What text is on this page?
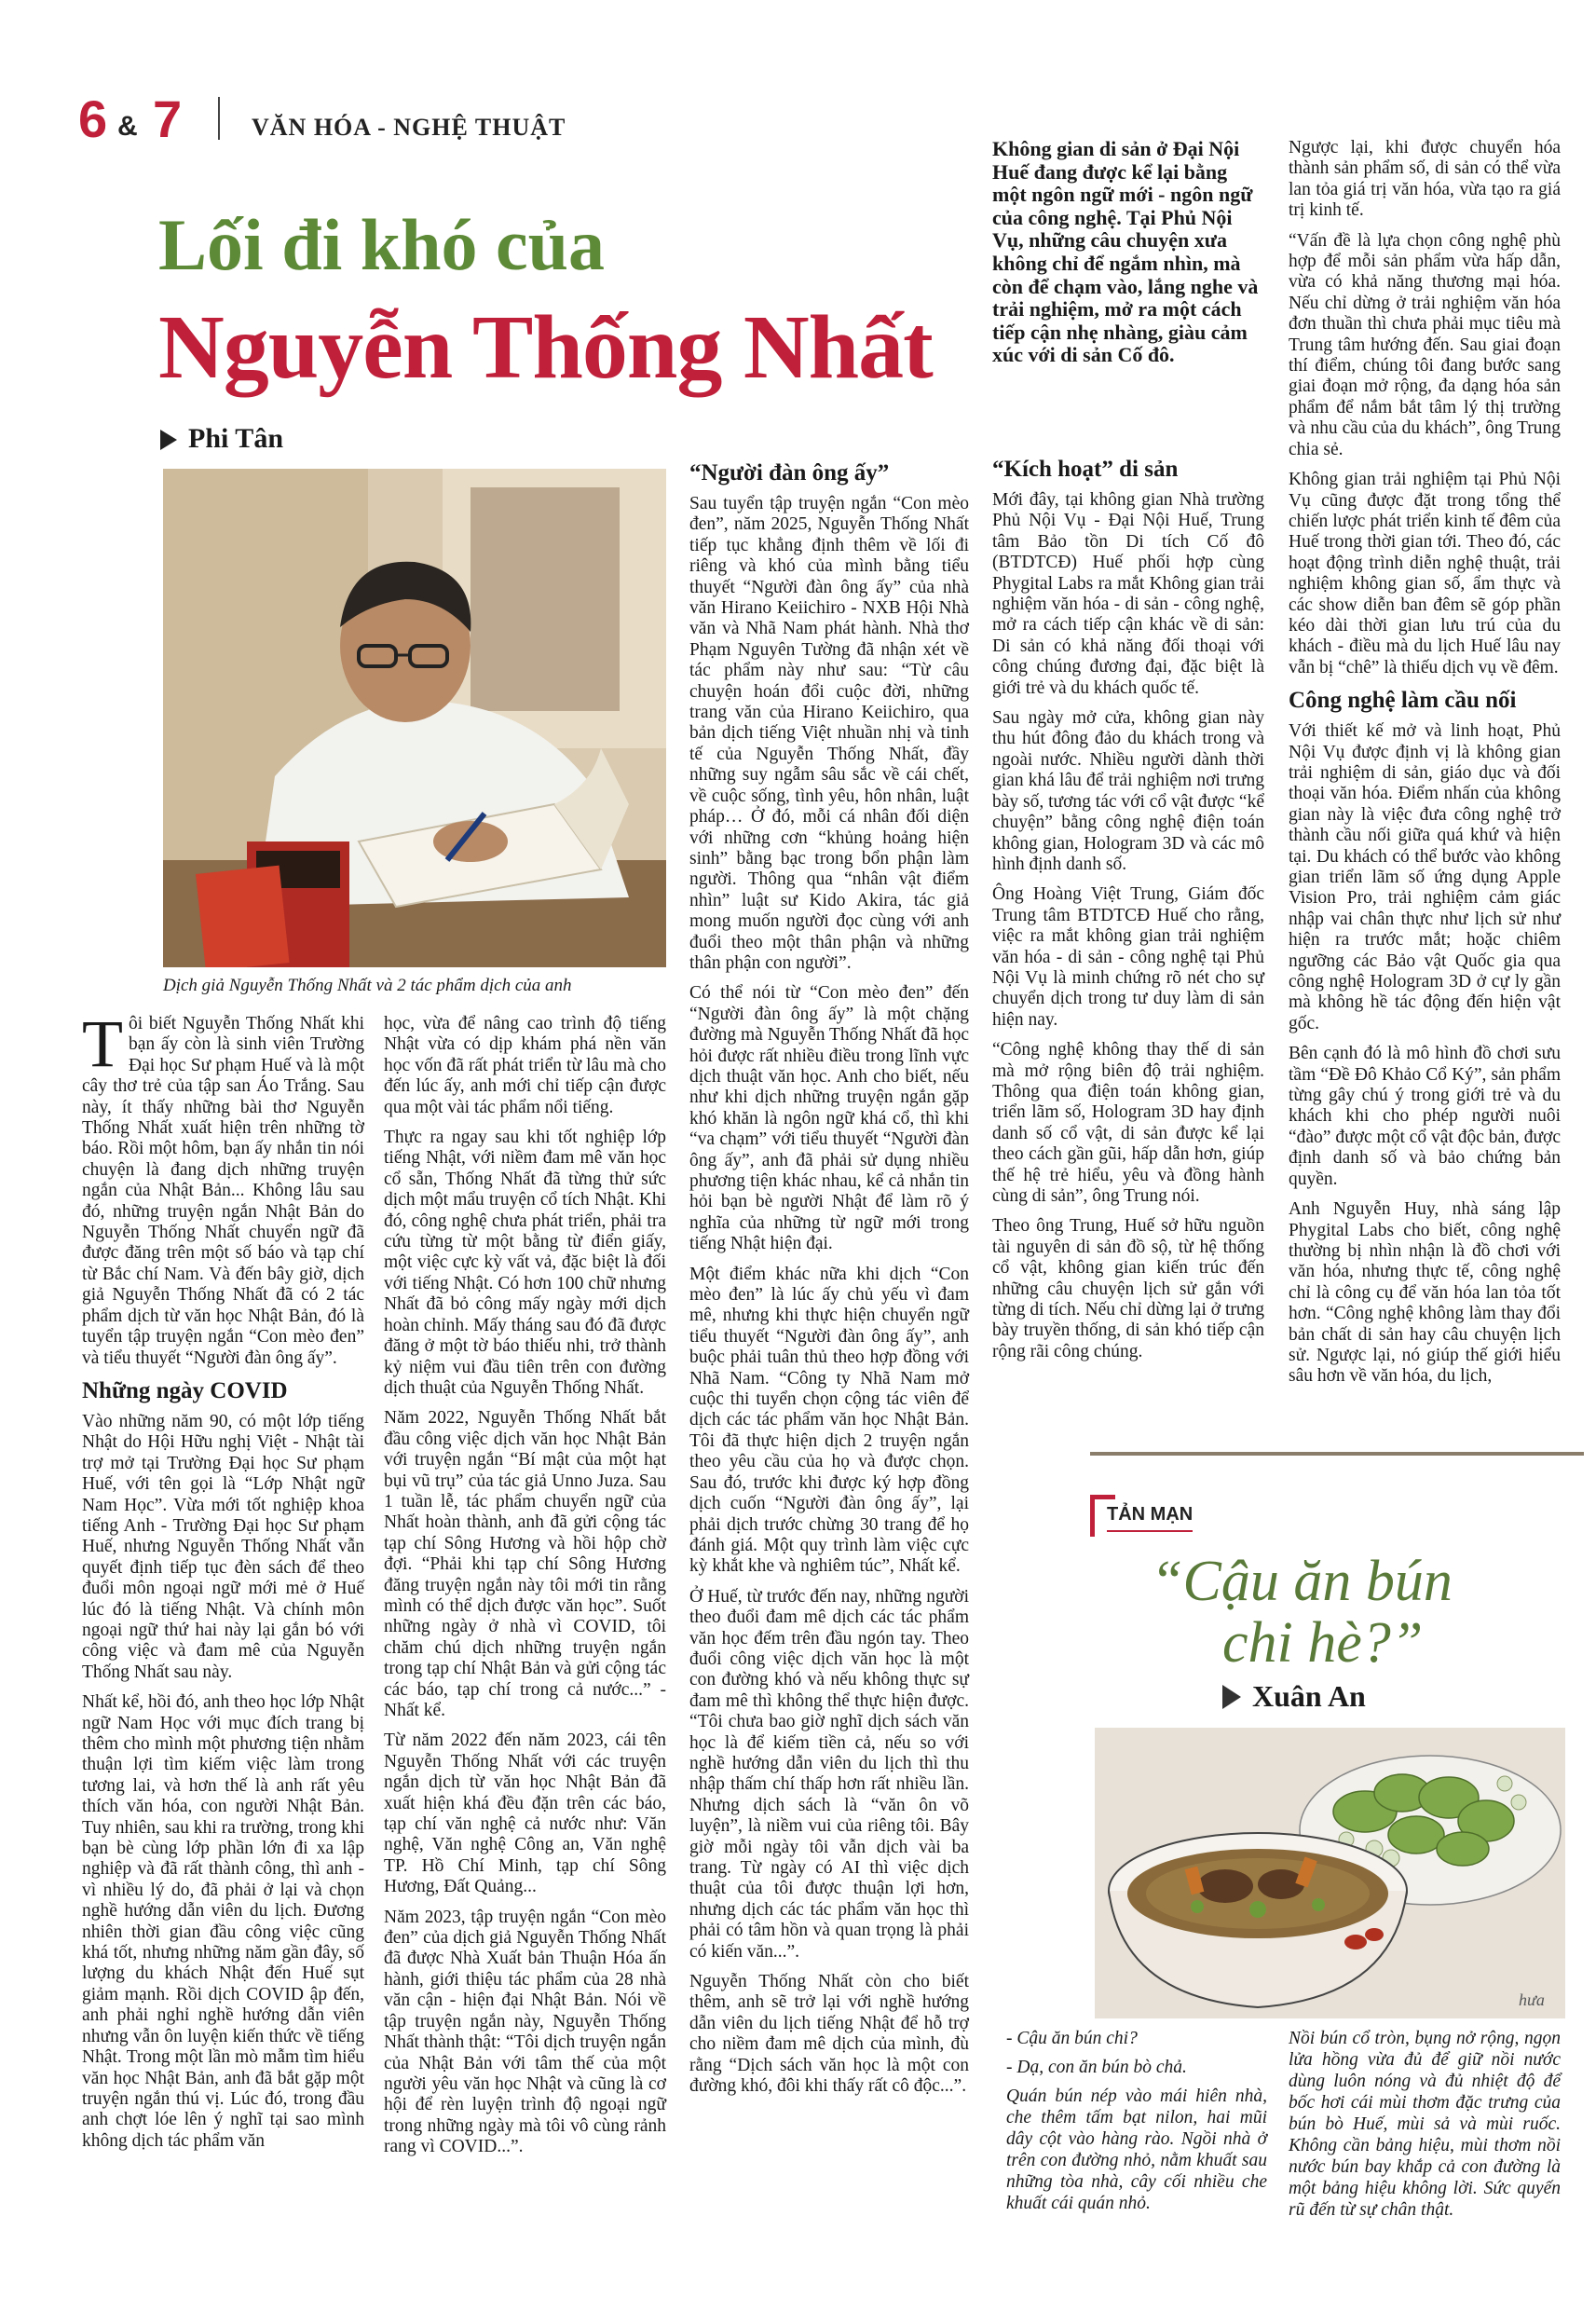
6 & 7	VĂN HÓA - NGHỆ THUẬT
Lối đi khó của
Nguyễn Thống Nhất
Phi Tân
Dịch giả Nguyễn Thống Nhất và 2 tác phẩm dịch của anh
Không gian di sản ở Đại Nội Huế đang được kể lại bằng một ngôn ngữ mới - ngôn ngữ của công nghệ. Tại Phủ Nội Vụ, những câu chuyện xưa không chỉ để ngắm nhìn, mà còn để chạm vào, lắng nghe và trải nghiệm, mở ra một cách tiếp cận nhẹ nhàng, giàu cảm xúc với di sản Cố đô.

Tôi biết Nguyễn Thống Nhất khi bạn ấy còn là sinh viên Trường Đại học Sư phạm Huế và là một cây thơ trẻ của tập san Áo Trắng. Sau này, ít thấy những bài thơ Nguyễn Thống Nhất xuất hiện trên những tờ báo. Rồi một hôm, bạn ấy nhắn tin nói chuyện là đang dịch những truyện ngắn của Nhật Bản... Không lâu sau đó, những truyện ngắn Nhật Bản do Nguyễn Thống Nhất chuyển ngữ đã được đăng trên một số báo và tạp chí từ Bắc chí Nam. Và đến bây giờ, dịch giả Nguyễn Thống Nhất đã có 2 tác phẩm dịch từ văn học Nhật Bản, đó là tuyển tập truyện ngắn “Con mèo đen” và tiểu thuyết “Người đàn ông ấy”.

Những ngày COVID

Vào những năm 90, có một lớp tiếng Nhật do Hội Hữu nghị Việt - Nhật tài trợ mở tại Trường Đại học Sư phạm Huế, với tên gọi là “Lớp Nhật ngữ Nam Học”. Vừa mới tốt nghiệp khoa tiếng Anh - Trường Đại học Sư phạm Huế, nhưng Nguyễn Thống Nhất vẫn quyết định tiếp tục đèn sách để theo đuổi môn ngoại ngữ mới mẻ ở Huế lúc đó là tiếng Nhật. Và chính môn ngoại ngữ thứ hai này lại gắn bó với công việc và đam mê của Nguyễn Thống Nhất sau này.

Nhất kể, hồi đó, anh theo học lớp Nhật ngữ Nam Học với mục đích trang bị thêm cho mình một phương tiện nhằm thuận lợi tìm kiếm việc làm trong tương lai, và hơn thế là anh rất yêu thích văn hóa, con người Nhật Bản. Tuy nhiên, sau khi ra trường, trong khi bạn bè cùng lớp phần lớn đi xa lập nghiệp và đã rất thành công, thì anh - vì nhiều lý do, đã phải ở lại và chọn nghề hướng dẫn viên du lịch. Đương nhiên thời gian đầu công việc cũng khá tốt, nhưng những năm gần đây, số lượng du khách Nhật đến Huế sụt giảm mạnh. Rồi dịch COVID ập đến, anh phải nghỉ nghề hướng dẫn viên nhưng vẫn ôn luyện kiến thức về tiếng Nhật. Trong một lần mò mẫm tìm hiểu văn học Nhật Bản, anh đã bắt gặp một truyện ngắn thú vị. Lúc đó, trong đầu anh chợt lóe lên ý nghĩ tại sao mình không dịch tác phẩm văn

học, vừa để nâng cao trình độ tiếng Nhật vừa có dịp khám phá nền văn học vốn đã rất phát triển từ lâu mà cho đến lúc ấy, anh mới chỉ tiếp cận được qua một vài tác phẩm nổi tiếng.

Thực ra ngay sau khi tốt nghiệp lớp tiếng Nhật, với niềm đam mê văn học cổ sẵn, Thống Nhất đã từng thử sức dịch một mẩu truyện cổ tích Nhật. Khi đó, công nghệ chưa phát triển, phải tra cứu từng từ một bằng từ điển giấy, một việc cực kỳ vất vả, đặc biệt là đối với tiếng Nhật. Có hơn 100 chữ nhưng Nhất đã bỏ công mấy ngày mới dịch hoàn chỉnh. Mấy tháng sau đó đã được đăng ở một tờ báo thiếu nhi, trở thành kỷ niệm vui đầu tiên trên con đường dịch thuật của Nguyễn Thống Nhất.

Năm 2022, Nguyễn Thống Nhất bắt đầu công việc dịch văn học Nhật Bản với truyện ngắn “Bí mật của một hạt bụi vũ trụ” của tác giả Unno Juza. Sau 1 tuần lễ, tác phẩm chuyển ngữ của Nhất hoàn thành, anh đã gửi cộng tác tạp chí Sông Hương và hồi hộp chờ đợi. “Phải khi tạp chí Sông Hương đăng truyện ngắn này tôi mới tin rằng mình có thể dịch được văn học”. Suốt những ngày ở nhà vì COVID, tôi chăm chú dịch những truyện ngắn trong tạp chí Nhật Bản và gửi cộng tác các báo, tạp chí trong cả nước...” - Nhất kể.

Từ năm 2022 đến năm 2023, cái tên Nguyễn Thống Nhất với các truyện ngắn dịch từ văn học Nhật Bản đã xuất hiện khá đều đặn trên các báo, tạp chí văn nghệ cả nước như: Văn nghệ, Văn nghệ Công an, Văn nghệ TP. Hồ Chí Minh, tạp chí Sông Hương, Đất Quảng...

Năm 2023, tập truyện ngắn “Con mèo đen” của dịch giả Nguyễn Thống Nhất đã được Nhà Xuất bản Thuận Hóa ấn hành, giới thiệu tác phẩm của 28 nhà văn cận - hiện đại Nhật Bản. Nói về tập truyện ngắn này, Nguyễn Thống Nhất thành thật: “Tôi dịch truyện ngắn của Nhật Bản với tâm thế của một người yêu văn học Nhật và cũng là cơ hội để rèn luyện trình độ ngoại ngữ trong những ngày mà tôi vô cùng rảnh rang vì COVID...”.

“Người đàn ông ấy”

Sau tuyển tập truyện ngắn “Con mèo đen”, năm 2025, Nguyễn Thống Nhất tiếp tục khẳng định thêm về lối đi riêng và khó của mình bằng tiểu thuyết “Người đàn ông ấy” của nhà văn Hirano Keiichiro - NXB Hội Nhà văn và Nhã Nam phát hành. Nhà thơ Phạm Nguyên Tường đã nhận xét về tác phẩm này như sau: “Từ câu chuyện hoán đổi cuộc đời, những trang văn của Hirano Keiichiro, qua bản dịch tiếng Việt nhuần nhị và tinh tế của Nguyễn Thống Nhất, đầy những suy ngẫm sâu sắc về cái chết, về cuộc sống, tình yêu, hôn nhân, luật pháp… Ở đó, mỗi cá nhân đối diện với những cơn “khủng hoảng hiện sinh” bằng bạc trong bổn phận làm người. Thông qua “nhân vật điểm nhìn” luật sư Kido Akira, tác giả mong muốn người đọc cùng với anh đuổi theo một thân phận và những thân phận con người”.

Có thể nói từ “Con mèo đen” đến “Người đàn ông ấy” là một chặng đường mà Nguyễn Thống Nhất đã học hỏi được rất nhiều điều trong lĩnh vực dịch thuật văn học. Anh cho biết, nếu như khi dịch những truyện ngắn gặp khó khăn là ngôn ngữ khá cổ, thì khi “va chạm” với tiểu thuyết “Người đàn ông ấy”, anh đã phải sử dụng nhiều phương tiện khác nhau, kể cả nhắn tin hỏi bạn bè người Nhật để làm rõ ý nghĩa của những từ ngữ mới trong tiếng Nhật hiện đại.

Một điểm khác nữa khi dịch “Con mèo đen” là lúc ấy chủ yếu vì đam mê, nhưng khi thực hiện chuyển ngữ tiểu thuyết “Người đàn ông ấy”, anh buộc phải tuân thủ theo hợp đồng với Nhã Nam. “Công ty Nhã Nam mở cuộc thi tuyển chọn cộng tác viên để dịch các tác phẩm văn học Nhật Bản. Tôi đã thực hiện dịch 2 truyện ngắn theo yêu cầu của họ và được chọn. Sau đó, trước khi được ký hợp đồng dịch cuốn “Người đàn ông ấy”, lại phải dịch trước chừng 30 trang để họ đánh giá. Một quy trình làm việc cực kỳ khắt khe và nghiêm túc”, Nhất kể.

Ở Huế, từ trước đến nay, những người theo đuổi đam mê dịch các tác phẩm văn học đếm trên đầu ngón tay. Theo đuổi công việc dịch văn học là một con đường khó và nếu không thực sự đam mê thì không thể thực hiện được. “Tôi chưa bao giờ nghĩ dịch sách văn học là để kiếm tiền cả, nếu so với nghề hướng dẫn viên du lịch thì thu nhập thấm chí thấp hơn rất nhiều lần. Nhưng dịch sách là “văn ôn võ luyện”, là niềm vui của riêng tôi. Bây giờ mỗi ngày tôi vẫn dịch vài ba trang. Từ ngày có AI thì việc dịch thuật của tôi được thuận lợi hơn, nhưng dịch các tác phẩm văn học thì phải có tâm hồn và quan trọng là phải có kiến văn...”.

Nguyễn Thống Nhất còn cho biết thêm, anh sẽ trở lại với nghề hướng dẫn viên du lịch tiếng Nhật để hỗ trợ cho niềm đam mê dịch của mình, đù rằng “Dịch sách văn học là một con đường khó, đôi khi thấy rất cô độc...”.

“Kích hoạt” di sản

Mới đây, tại không gian Nhà trường Phủ Nội Vụ - Đại Nội Huế, Trung tâm Bảo tồn Di tích Cố đô (BTDTCĐ) Huế phối hợp cùng Phygital Labs ra mắt Không gian trải nghiệm văn hóa - di sản - công nghệ, mở ra cách tiếp cận khác về di sản: Di sản có khả năng đối thoại với công chúng đương đại, đặc biệt là giới trẻ và du khách quốc tế.

Sau ngày mở cửa, không gian này thu hút đông đảo du khách trong và ngoài nước. Nhiều người dành thời gian khá lâu để trải nghiệm nơi trưng bày số, tương tác với cổ vật được “kể chuyện” bằng công nghệ điện toán không gian, Hologram 3D và các mô hình định danh số.

Ông Hoàng Việt Trung, Giám đốc Trung tâm BTDTCĐ Huế cho rằng, việc ra mắt không gian trải nghiệm văn hóa - di sản - công nghệ tại Phủ Nội Vụ là minh chứng rõ nét cho sự chuyển dịch trong tư duy làm di sản hiện nay.

“Công nghệ không thay thế di sản mà mở rộng biên độ trải nghiệm. Thông qua điện toán không gian, triển lãm số, Hologram 3D hay định danh số cổ vật, di sản được kể lại theo cách gần gũi, hấp dẫn hơn, giúp thế hệ trẻ hiểu, yêu và đồng hành cùng di sản”, ông Trung nói.

Theo ông Trung, Huế sở hữu nguồn tài nguyên di sản đồ sộ, từ hệ thống cổ vật, không gian kiến trúc đến những câu chuyện lịch sử gắn với từng di tích. Nếu chỉ dừng lại ở trưng bày truyền thống, di sản khó tiếp cận rộng rãi công chúng.

Ngược lại, khi được chuyển hóa thành sản phẩm số, di sản có thể vừa lan tỏa giá trị văn hóa, vừa tạo ra giá trị kinh tế.

“Vấn đề là lựa chọn công nghệ phù hợp để mỗi sản phẩm vừa hấp dẫn, vừa có khả năng thương mại hóa. Nếu chỉ dừng ở trải nghiệm văn hóa đơn thuần thì chưa phải mục tiêu mà Trung tâm hướng đến. Sau giai đoạn thí điểm, chúng tôi đang bước sang giai đoạn mở rộng, đa dạng hóa sản phẩm để nắm bắt tâm lý thị trường và nhu cầu của du khách”, ông Trung chia sẻ.

Không gian trải nghiệm tại Phủ Nội Vụ cũng được đặt trong tổng thể chiến lược phát triển kinh tế đêm của Huế trong thời gian tới. Theo đó, các hoạt động trình diễn nghệ thuật, trải nghiệm không gian số, ẩm thực và các show diễn ban đêm sẽ góp phần kéo dài thời gian lưu trú của du khách - điều mà du lịch Huế lâu nay vẫn bị “chê” là thiếu dịch vụ về đêm.

Công nghệ làm cầu nối

Với thiết kế mở và linh hoạt, Phủ Nội Vụ được định vị là không gian trải nghiệm di sản, giáo dục và đối thoại văn hóa. Điểm nhấn của không gian này là việc đưa công nghệ trở thành cầu nối giữa quá khứ và hiện tại. Du khách có thể bước vào không gian triển lãm số ứng dụng Apple Vision Pro, trải nghiệm cảm giác nhập vai chân thực như lịch sử như hiện ra trước mắt; hoặc chiêm ngưỡng các Bảo vật Quốc gia qua công nghệ Hologram 3D ở cự ly gần mà không hề tác động đến hiện vật gốc.

Bên cạnh đó là mô hình đồ chơi sưu tầm “Đề Đô Khảo Cổ Ký”, sản phẩm từng gây chú ý trong giới trẻ và du khách khi cho phép người nuôi “đào” được một cổ vật độc bản, được định danh số và bảo chứng bản quyền.

Anh Nguyễn Huy, nhà sáng lập Phygital Labs cho biết, công nghệ thường bị nhìn nhận là đồ chơi với văn hóa, nhưng thực tế, công nghệ chỉ là công cụ để văn hóa lan tỏa tốt hơn. “Công nghệ không làm thay đổi bản chất di sản hay câu chuyện lịch sử. Ngược lại, nó giúp thế giới hiểu sâu hơn về văn hóa, du lịch,

TẢN MẠN
“Cậu ăn bún
chi hè?”
Xuân An
hưa
- Cậu ăn bún chi?
- Dạ, con ăn bún bò chả.
Quán bún nép vào mái hiên nhà, che thêm tấm bạt nilon, hai mũi dây cột vào hàng rào. Ngồi nhà ở trên con đường nhỏ, nằm khuất sau những tòa nhà, cây cối nhiều che khuất cái quán nhỏ.
Nồi bún cổ tròn, bụng nở rộng, ngọn lửa hồng vừa đủ để giữ nồi nước dùng luôn nóng và đủ nhiệt độ để bốc hơi cái mùi thơm đặc trưng của bún bò Huế, mùi sả và mùi ruốc. Không cần bảng hiệu, mùi thơm nồi nước bún bay khắp cả con đường là một bảng hiệu không lời. Sức quyến rũ đến từ sự chân thật.
